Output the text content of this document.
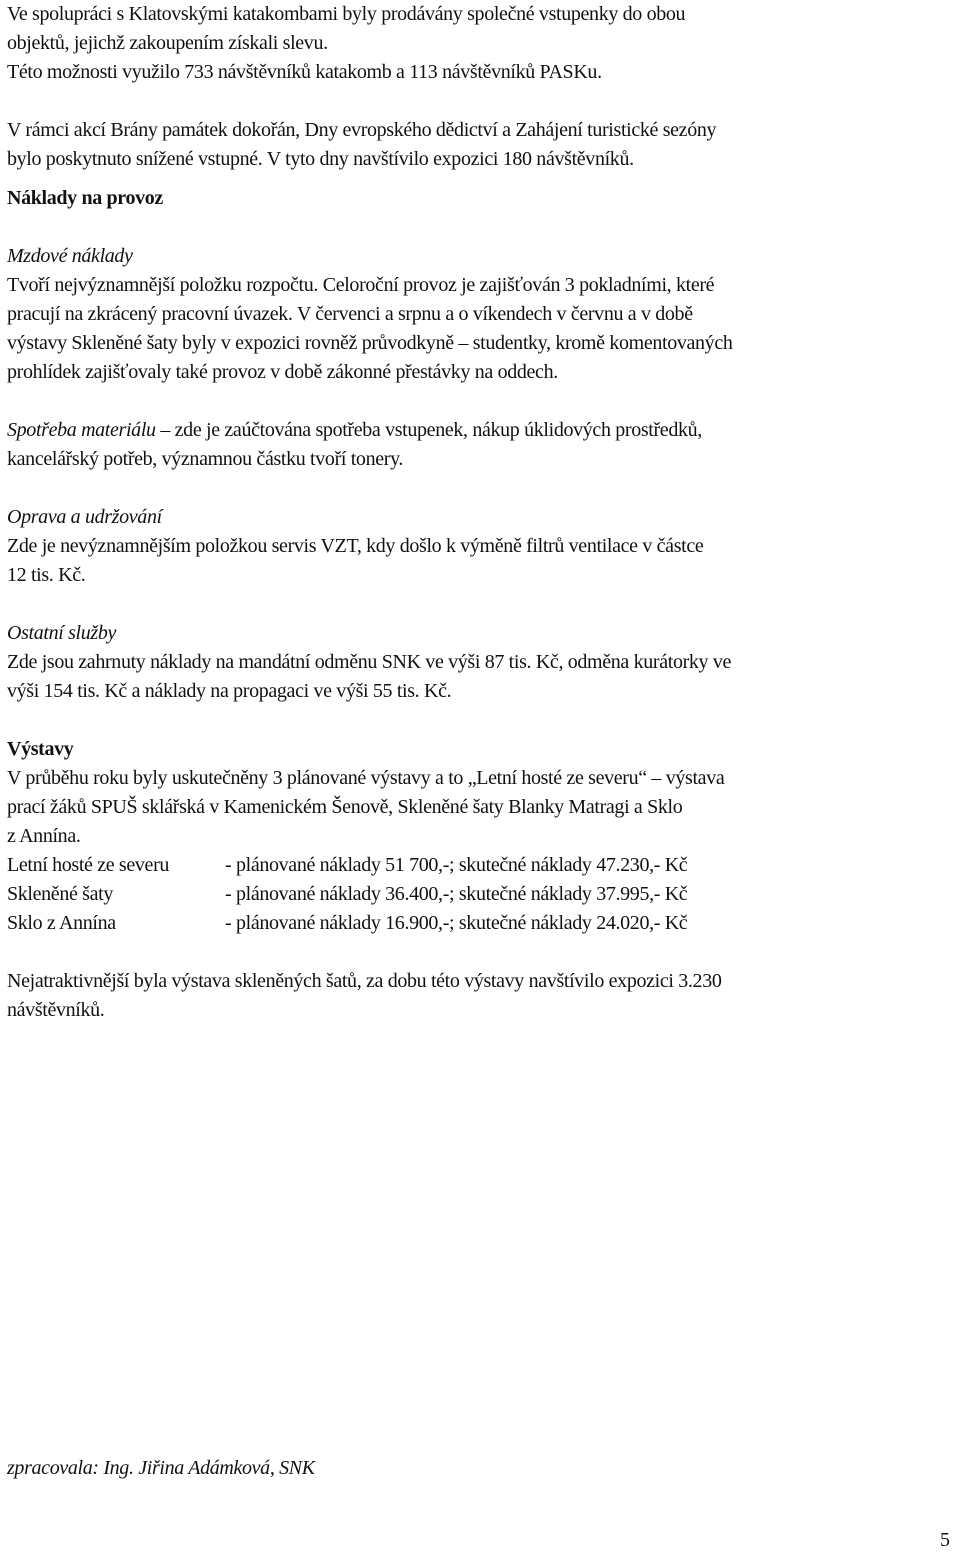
Ve spolupráci s Klatovskými katakombami byly prodávány společné vstupenky do obou

objektů, jejichž zakoupením získali slevu.

Této možnosti využilo 733 návštěvníků katakomb a 113 návštěvníků PASKu.

V rámci akcí Brány památek dokořán, Dny evropského dědictví a Zahájení turistické sezóny

bylo poskytnuto snížené vstupné. V tyto dny navštívilo expozici 180 návštěvníků.

Náklady na provoz

Mzdové náklady

Tvoří nejvýznamnější položku rozpočtu. Celoroční provoz je zajišťován 3 pokladními, které

pracují na zkrácený pracovní úvazek. V červenci a srpnu a o víkendech v červnu a v době

výstavy Skleněné šaty byly v expozici rovněž průvodkyně – studentky, kromě komentovaných

prohlídek zajišťovaly také provoz v době zákonné přestávky na oddech.

Spotřeba materiálu – zde je zaúčtována spotřeba vstupenek, nákup úklidových prostředků,

kancelářský potřeb, významnou částku tvoří tonery.

Oprava a udržování

Zde je nevýznamnějším položkou servis VZT, kdy došlo k výměně filtrů ventilace v částce

12 tis. Kč.

Ostatní služby

Zde jsou zahrnuty náklady na mandátní odměnu SNK ve výši 87 tis. Kč, odměna kurátorky ve

výši 154 tis. Kč a náklady na propagaci ve výši 55 tis. Kč.

Výstavy

V průběhu roku byly uskutečněny 3 plánované výstavy a to „Letní hosté ze severu“ – výstava

prací žáků SPUŠ sklářská v Kamenickém Šenově, Skleněné šaty Blanky Matragi a Sklo

z Annína.

Letní hosté ze severu	- plánované náklady 51 700,-; skutečné náklady 47.230,- Kč
Skleněné šaty	- plánované náklady 36.400,-; skutečné náklady 37.995,- Kč
Sklo z Annína	- plánované náklady 16.900,-; skutečné náklady 24.020,- Kč

Nejatraktivnější byla výstava skleněných šatů, za dobu této výstavy navštívilo expozici 3.230

návštěvníků.

zpracovala: Ing. Jiřina Adámková, SNK

5
